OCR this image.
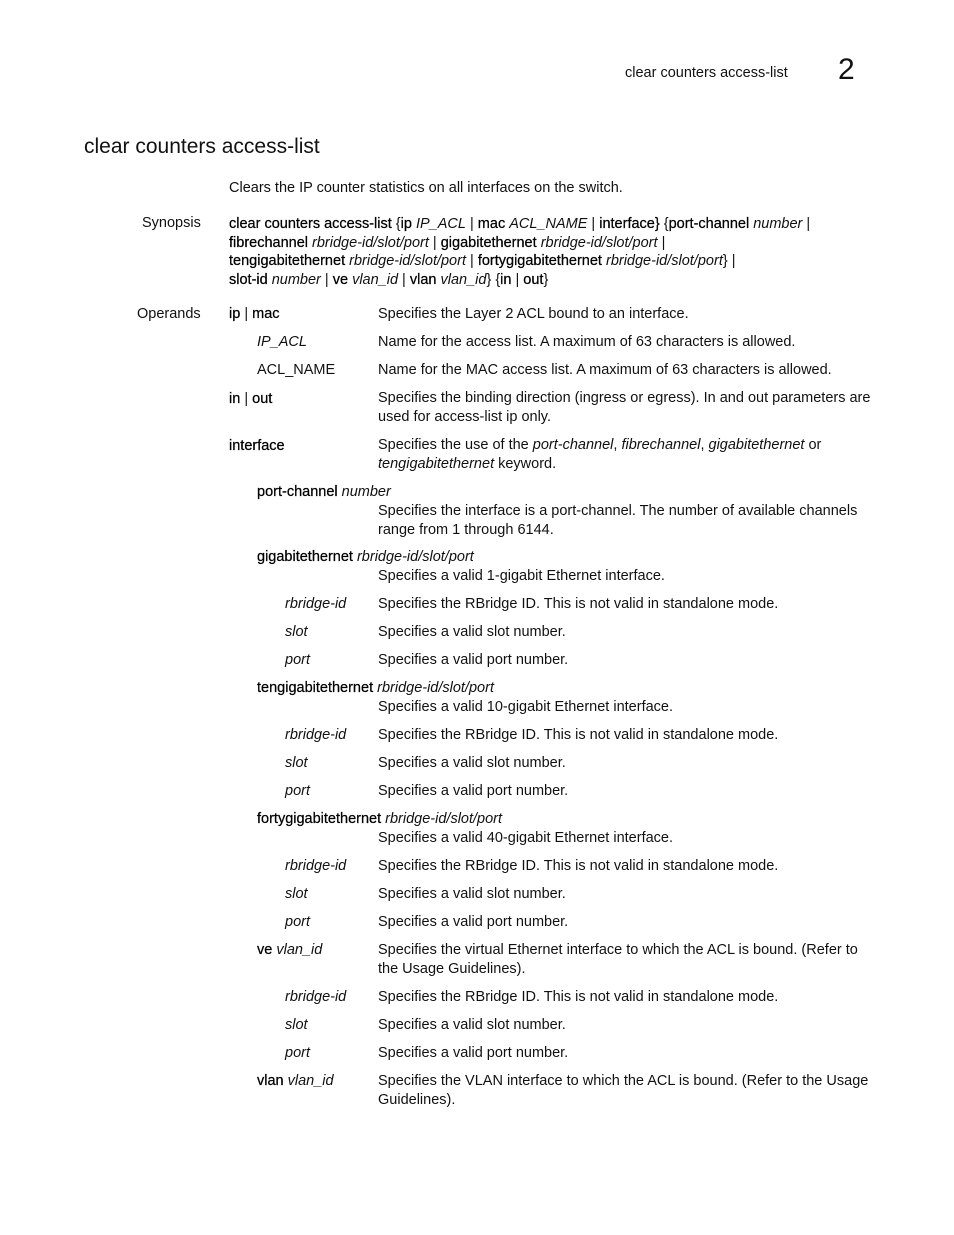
clear counters access-list 2
clear counters access-list
Clears the IP counter statistics on all interfaces on the switch.
Synopsis clear counters access-list {ip IP_ACL | mac ACL_NAME | interface} {port-channel number |
fibrechannel rbridge-id/slot/port | gigabitethernet rbridge-id/slot/port |
tengigabitethernet rbridge-id/slot/port | fortygigabitethernet rbridge-id/slot/port} |
slot-id number | ve vlan_id | vlan vlan_id} {in | out}
Operands ip | mac	Specifies the Layer 2 ACL bound to an interface.
IP_ACL	Name for the access list. A maximum of 63 characters is allowed.
ACL_NAME	Name for the MAC access list. A maximum of 63 characters is allowed.
in | out	Specifies the binding direction (ingress or egress). In and out parameters are used for access-list ip only.
interface	Specifies the use of the port-channel, fibrechannel, gigabitethernet or tengigabitethernet keyword.
port-channel number
Specifies the interface is a port-channel. The number of available channels range from 1 through 6144.
gigabitethernet rbridge-id/slot/port
Specifies a valid 1-gigabit Ethernet interface.
rbridge-id Specifies the RBridge ID. This is not valid in standalone mode.
slot	Specifies a valid slot number.
port	Specifies a valid port number.
tengigabitethernet rbridge-id/slot/port
Specifies a valid 10-gigabit Ethernet interface.
rbridge-id Specifies the RBridge ID. This is not valid in standalone mode.
slot	Specifies a valid slot number.
port	Specifies a valid port number.
fortygigabitethernet rbridge-id/slot/port
Specifies a valid 40-gigabit Ethernet interface.
rbridge-id Specifies the RBridge ID. This is not valid in standalone mode.
slot	Specifies a valid slot number.
port	Specifies a valid port number.
ve vlan_id	Specifies the virtual Ethernet interface to which the ACL is bound. (Refer to the Usage Guidelines).
rbridge-id Specifies the RBridge ID. This is not valid in standalone mode.
slot	Specifies a valid slot number.
port	Specifies a valid port number.
vlan vlan_id	Specifies the VLAN interface to which the ACL is bound. (Refer to the Usage Guidelines).
